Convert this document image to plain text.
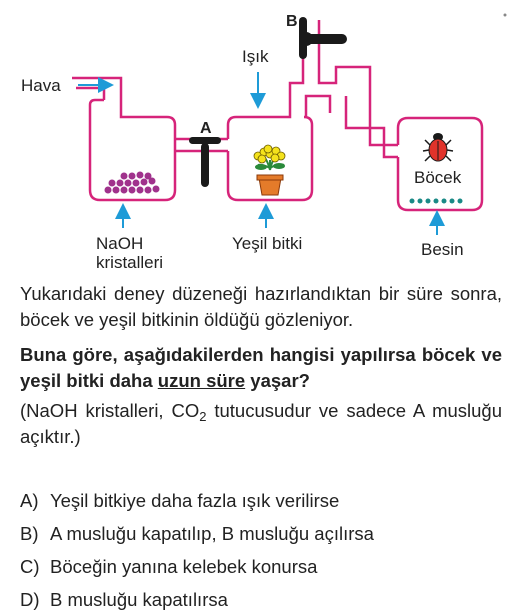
Hava
NaOH
kristalleri
A
B
Işık
Yeşil bitki
Böcek
Besin
Yukarıdaki deney düzeneği hazırlandıktan bir süre sonra, böcek ve yeşil bitkinin öldüğü gözleniyor.
Buna göre, aşağıdakilerden hangisi yapılırsa böcek ve yeşil bitki daha uzun süre yaşar?
(NaOH kristalleri, $CO_2$ tutucusudur ve sadece A musluğu açıktır.)
A) Yeşil bitkiye daha fazla ışık verilirse
B) A musluğu kapatılıp, B musluğu açılırsa
C) Böceğin yanına kelebek konursa
D) B musluğu kapatılırsa
